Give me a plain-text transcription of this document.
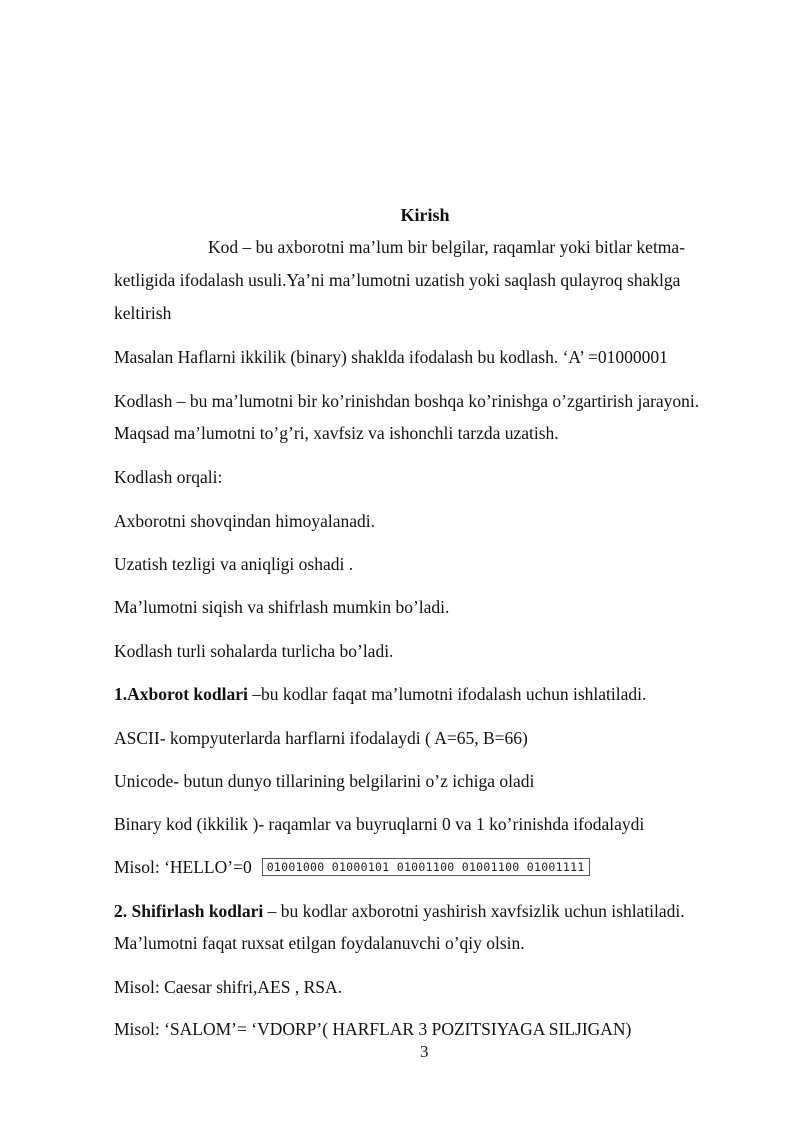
Kirish
Kod – bu axborotni ma’lum bir belgilar, raqamlar yoki bitlar ketma-
ketligida ifodalash usuli.Ya’ni ma’lumotni uzatish yoki saqlash qulayroq shaklga
keltirish
Masalan Haflarni ikkilik (binary) shaklda ifodalash bu kodlash. ‘A’ =01000001
Kodlash – bu ma’lumotni bir ko’rinishdan boshqa ko’rinishga o’zgartirish jarayoni.
Maqsad ma’lumotni to’g’ri, xavfsiz va ishonchli tarzda uzatish.
Kodlash orqali:
Axborotni shovqindan himoyalanadi.
Uzatish tezligi va aniqligi oshadi .
Ma’lumotni siqish va shifrlash mumkin bo’ladi.
Kodlash turli sohalarda turlicha bo’ladi.
1.Axborot kodlari –bu kodlar faqat ma’lumotni ifodalash uchun ishlatiladi.
ASCII- kompyuterlarda harflarni ifodalaydi ( A=65, B=66)
Unicode- butun dunyo tillarining belgilarini o’z ichiga oladi
Binary kod (ikkilik )- raqamlar va buyruqlarni 0 va 1 ko’rinishda ifodalaydi
Misol: ‘HELLO’=0 01001000 01000101 01001100 01001100 01001111
2. Shifirlash kodlari – bu kodlar axborotni yashirish xavfsizlik uchun ishlatiladi.
Ma’lumotni faqat ruxsat etilgan foydalanuvchi o’qiy olsin.
Misol: Caesar shifri,AES , RSA.
Misol: ‘SALOM’= ‘VDORP’( HARFLAR 3 POZITSIYAGA SILJIGAN)
3
